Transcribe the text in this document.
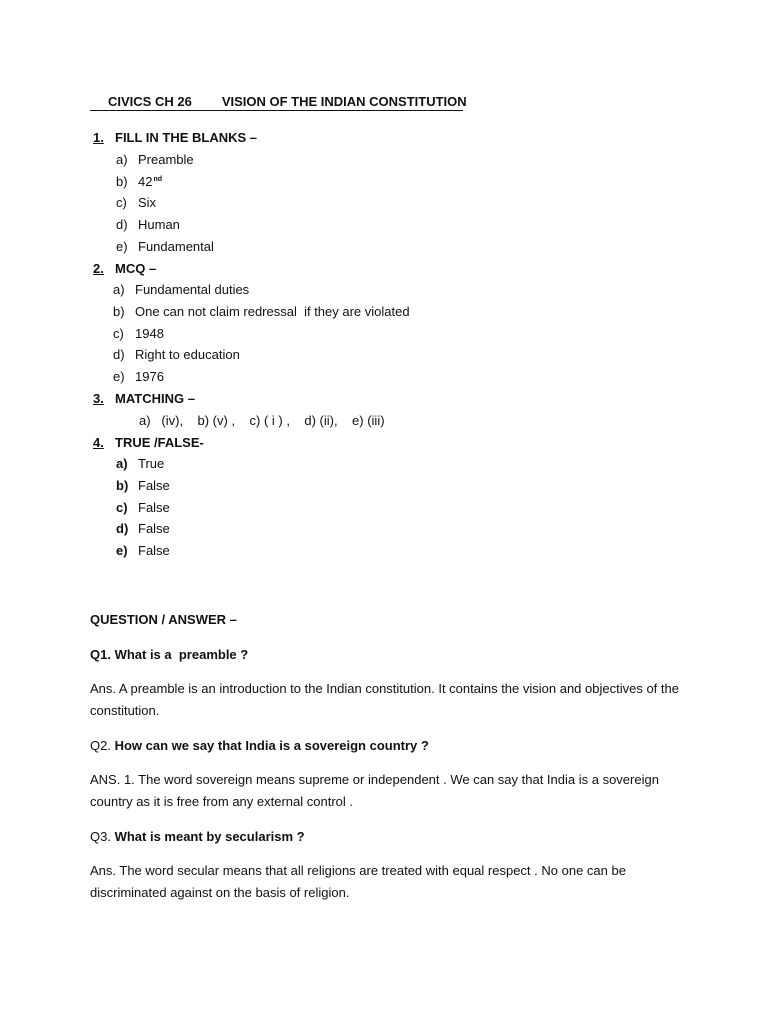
CIVICS CH 26 VISION OF THE INDIAN CONSTITUTION
1. FILL IN THE BLANKS –
a) Preamble
b) 42nd
c) Six
d) Human
e) Fundamental
2. MCQ –
a) Fundamental duties
b) One can not claim redressal  if they are violated
c) 1948
d) Right to education
e) 1976
3. MATCHING –
a)   (iv),    b) (v) ,    c) ( i ) ,    d) (ii),    e) (iii)
4. TRUE /FALSE-
a) True
b) False
c) False
d) False
e) False
QUESTION / ANSWER –
Q1. What is a  preamble ?
Ans. A preamble is an introduction to the Indian constitution. It contains the vision and objectives of the constitution.
Q2. How can we say that India is a sovereign country ?
ANS. 1. The word sovereign means supreme or independent . We can say that India is a sovereign country as it is free from any external control .
Q3. What is meant by secularism ?
Ans. The word secular means that all religions are treated with equal respect . No one can be discriminated against on the basis of religion.
